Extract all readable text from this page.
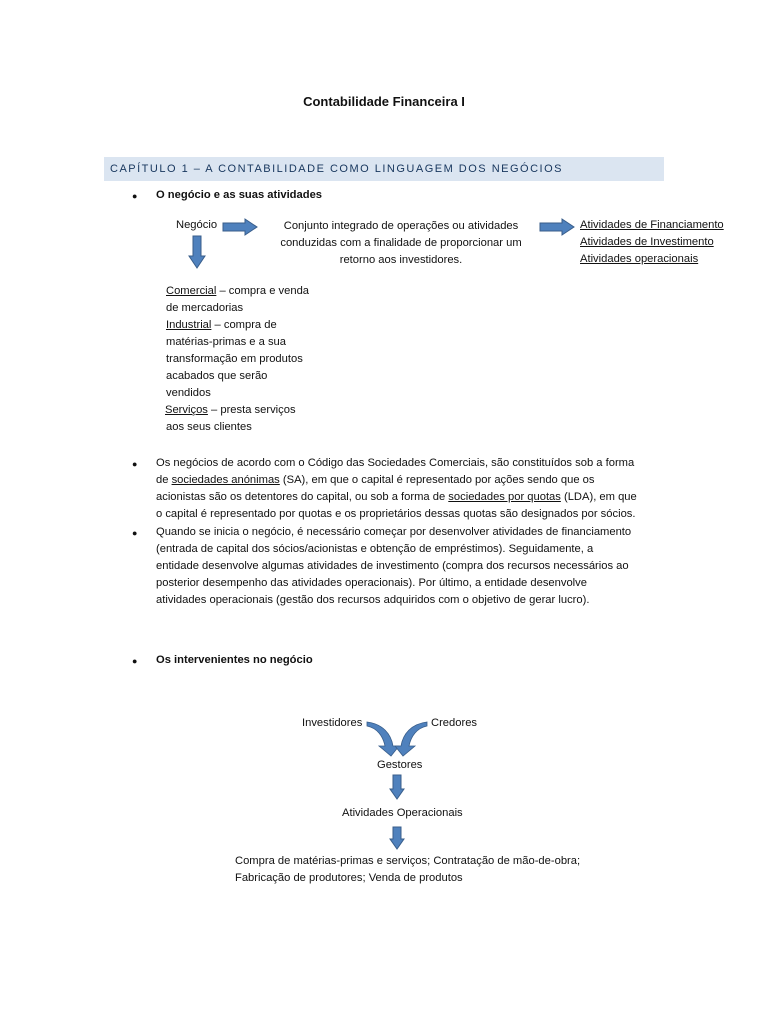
Contabilidade Financeira I
CAPÍTULO 1 – A CONTABILIDADE COMO LINGUAGEM DOS NEGÓCIOS
● O negócio e as suas atividades
Negócio	Conjunto integrado de operações ou atividades
conduzidas com a finalidade de proporcionar um
retorno aos investidores.
Atividades de Financiamento
Atividades de Investimento
Atividades operacionais
Comercial – compra e venda
de mercadorias
Industrial – compra de
matérias-primas e a sua
transformação em produtos
acabados que serão
vendidos
Serviços – presta serviços
aos seus clientes
● Os negócios de acordo com o Código das Sociedades Comerciais, são constituídos sob a forma
de sociedades anónimas (SA), em que o capital é representado por ações sendo que os
acionistas são os detentores do capital, ou sob a forma de sociedades por quotas (LDA), em que
o capital é representado por quotas e os proprietários dessas quotas são designados por sócios.
● Quando se inicia o negócio, é necessário começar por desenvolver atividades de financiamento
(entrada de capital dos sócios/acionistas e obtenção de empréstimos). Seguidamente, a
entidade desenvolve algumas atividades de investimento (compra dos recursos necessários ao
posterior desempenho das atividades operacionais). Por último, a entidade desenvolve
atividades operacionais (gestão dos recursos adquiridos com o objetivo de gerar lucro).
● Os intervenientes no negócio
Investidores	Credores
Gestores
Atividades Operacionais
Compra de matérias-primas e serviços; Contratação de mão-de-obra;
Fabricação de produtores; Venda de produtos
